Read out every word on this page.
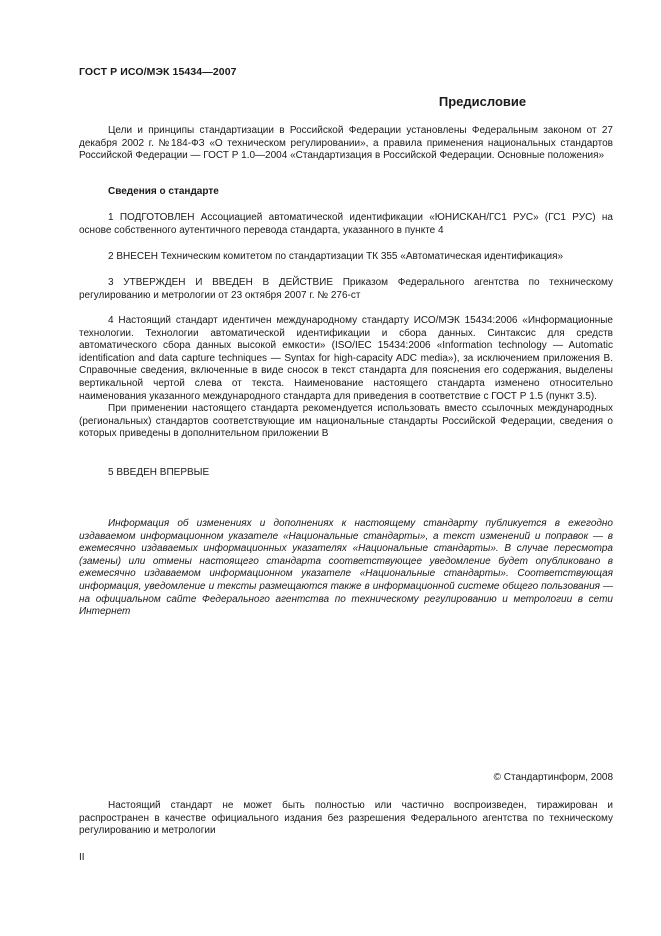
ГОСТ Р ИСО/МЭК 15434—2007
Предисловие

Цели и принципы стандартизации в Российской Федерации установлены Федеральным законом от 27 декабря 2002 г. №184-ФЗ «О техническом регулировании», а правила применения национальных стандартов Российской Федерации — ГОСТ Р 1.0—2004 «Стандартизация в Российской Федерации. Основные положения»

Сведения о стандарте

1 ПОДГОТОВЛЕН Ассоциацией автоматической идентификации «ЮНИСКАН/ГС1 РУС» (ГС1 РУС) на основе собственного аутентичного перевода стандарта, указанного в пункте 4

2 ВНЕСЕН Техническим комитетом по стандартизации ТК 355 «Автоматическая идентификация»

3 УТВЕРЖДЕН И ВВЕДЕН В ДЕЙСТВИЕ Приказом Федерального агентства по техническому регулированию и метрологии от 23 октября 2007 г. № 276-ст

4 Настоящий стандарт идентичен международному стандарту ИСО/МЭК 15434:2006 «Информационные технологии. Технологии автоматической идентификации и сбора данных. Синтаксис для средств автоматического сбора данных высокой емкости» (ISO/IEC 15434:2006 «Information technology — Automatic identification and data capture techniques — Syntax for high-capacity ADC media»), за исключением приложения В. Справочные сведения, включенные в виде сносок в текст стандарта для пояснения его содержания, выделены вертикальной чертой слева от текста. Наименование настоящего стандарта изменено относительно наименования указанного международного стандарта для приведения в соответствие с ГОСТ Р 1.5 (пункт 3.5).

При применении настоящего стандарта рекомендуется использовать вместо ссылочных международных (региональных) стандартов соответствующие им национальные стандарты Российской Федерации, сведения о которых приведены в дополнительном приложении В

5 ВВЕДЕН ВПЕРВЫЕ

Информация об изменениях и дополнениях к настоящему стандарту публикуется в ежегодно издаваемом информационном указателе «Национальные стандарты», а текст изменений и поправок — в ежемесячно издаваемых информационных указателях «Национальные стандарты». В случае пересмотра (замены) или отмены настоящего стандарта соответствующее уведомление будет опубликовано в ежемесячно издаваемом информационном указателе «Национальные стандарты». Соответствующая информация, уведомление и тексты размещаются также в информационной системе общего пользования — на официальном сайте Федерального агентства по техническому регулированию и метрологии в сети Интернет

© Стандартинформ, 2008

Настоящий стандарт не может быть полностью или частично воспроизведен, тиражирован и распространен в качестве официального издания без разрешения Федерального агентства по техническому регулированию и метрологии

II
